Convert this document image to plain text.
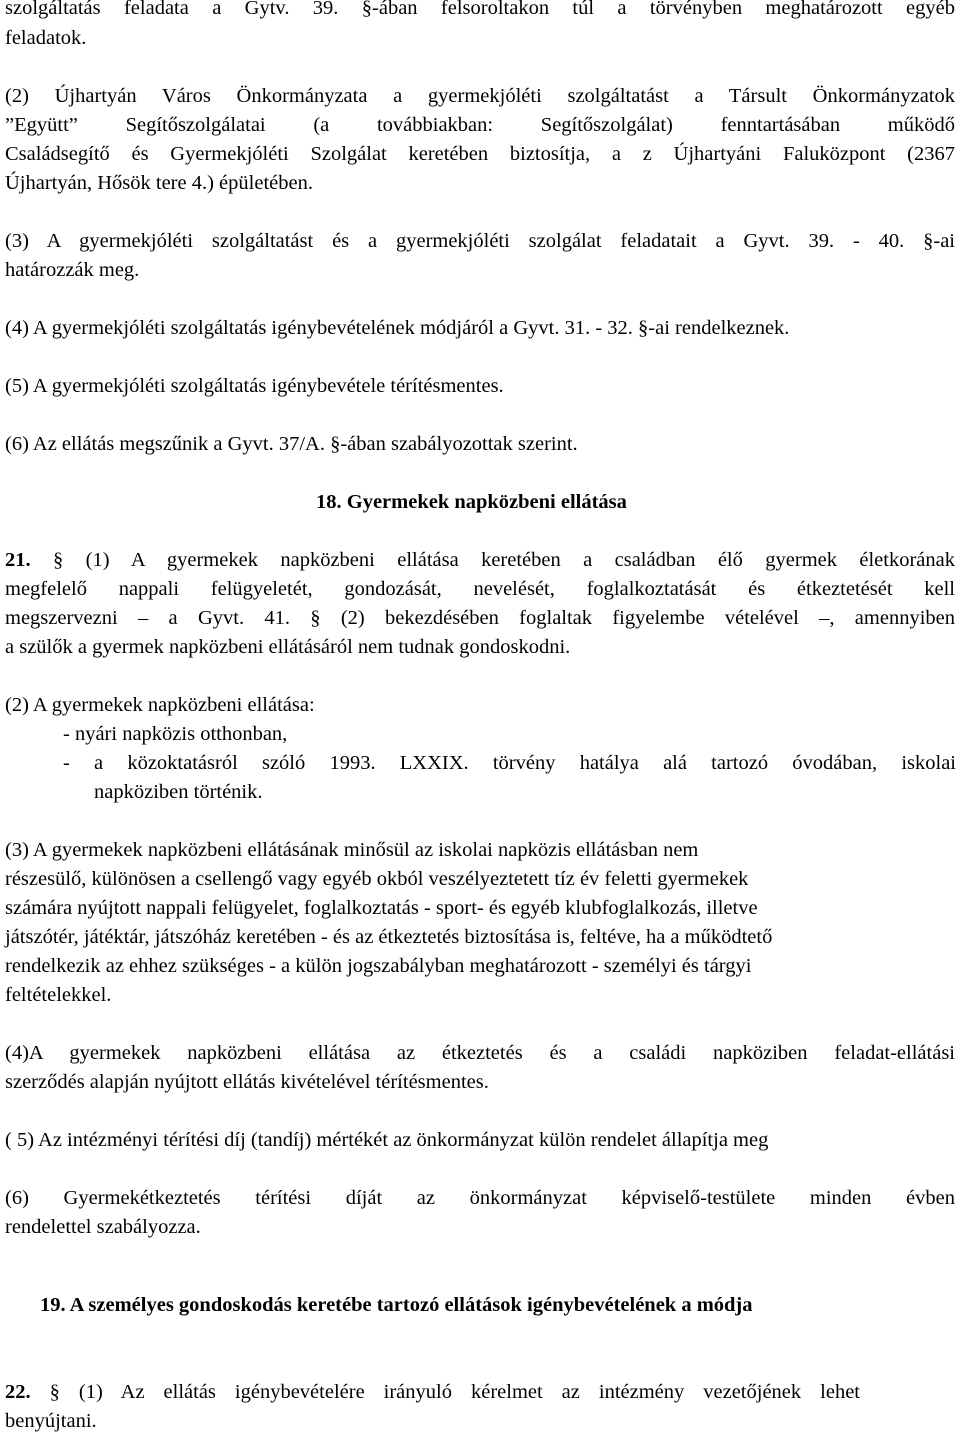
szolgáltatás feladata a Gytv. 39. §-ában felsoroltakon túl a törvényben meghatározott egyéb
feladatok.
(2) Újhartyán Város Önkormányzata a gyermekjóléti szolgáltatást a Társult Önkormányzatok
”Együtt” Segítőszolgálatai (a továbbiakban: Segítőszolgálat) fenntartásában működő
Családsegítő és Gyermekjóléti Szolgálat keretében biztosítja, a z Újhartyáni Faluközpont (2367
Újhartyán, Hősök tere 4.) épületében.
(3) A gyermekjóléti szolgáltatást és a gyermekjóléti szolgálat feladatait a Gyvt. 39. - 40. §-ai
határozzák meg.
(4) A gyermekjóléti szolgáltatás igénybevételének módjáról a Gyvt. 31. - 32. §-ai rendelkeznek.
(5) A gyermekjóléti szolgáltatás igénybevétele térítésmentes.
(6) Az ellátás megszűnik a Gyvt. 37/A. §-ában szabályozottak szerint.
18. Gyermekek napközbeni ellátása
21. § (1) A gyermekek napközbeni ellátása keretében a családban élő gyermek életkorának
megfelelő nappali felügyeletét, gondozását, nevelését, foglalkoztatását és étkeztetését kell
megszervezni – a Gyvt. 41. § (2) bekezdésében foglaltak figyelembe vételével –, amennyiben
a szülők a gyermek napközbeni ellátásáról nem tudnak gondoskodni.
(2) A gyermekek napközbeni ellátása:
- nyári napközis otthonban,
- a közoktatásról szóló 1993. LXXIX. törvény hatálya alá tartozó óvodában, iskolai
napköziben történik.
(3) A gyermekek napközbeni ellátásának minősül az iskolai napközis ellátásban nem
részesülő, különösen a csellengő vagy egyéb okból veszélyeztetett tíz év feletti gyermekek
számára nyújtott nappali felügyelet, foglalkoztatás - sport- és egyéb klubfoglalkozás, illetve
játszótér, játéktár, játszóház keretében - és az étkeztetés biztosítása is, feltéve, ha a működtető
rendelkezik az ehhez szükséges - a külön jogszabályban meghatározott - személyi és tárgyi
feltételekkel.
(4)A gyermekek napközbeni ellátása az étkeztetés és a családi napköziben feladat-ellátási
szerződés alapján nyújtott ellátás kivételével térítésmentes.
( 5) Az intézményi térítési díj (tandíj) mértékét az önkormányzat külön rendelet állapítja meg
(6) Gyermekétkeztetés térítési díját az önkormányzat képviselő-testülete minden évben
rendelettel szabályozza.
19. A személyes gondoskodás keretébe tartozó ellátások igénybevételének a módja
22. § (1) Az ellátás igénybevételére irányuló kérelmet az intézmény vezetőjének lehet
benyújtani.
